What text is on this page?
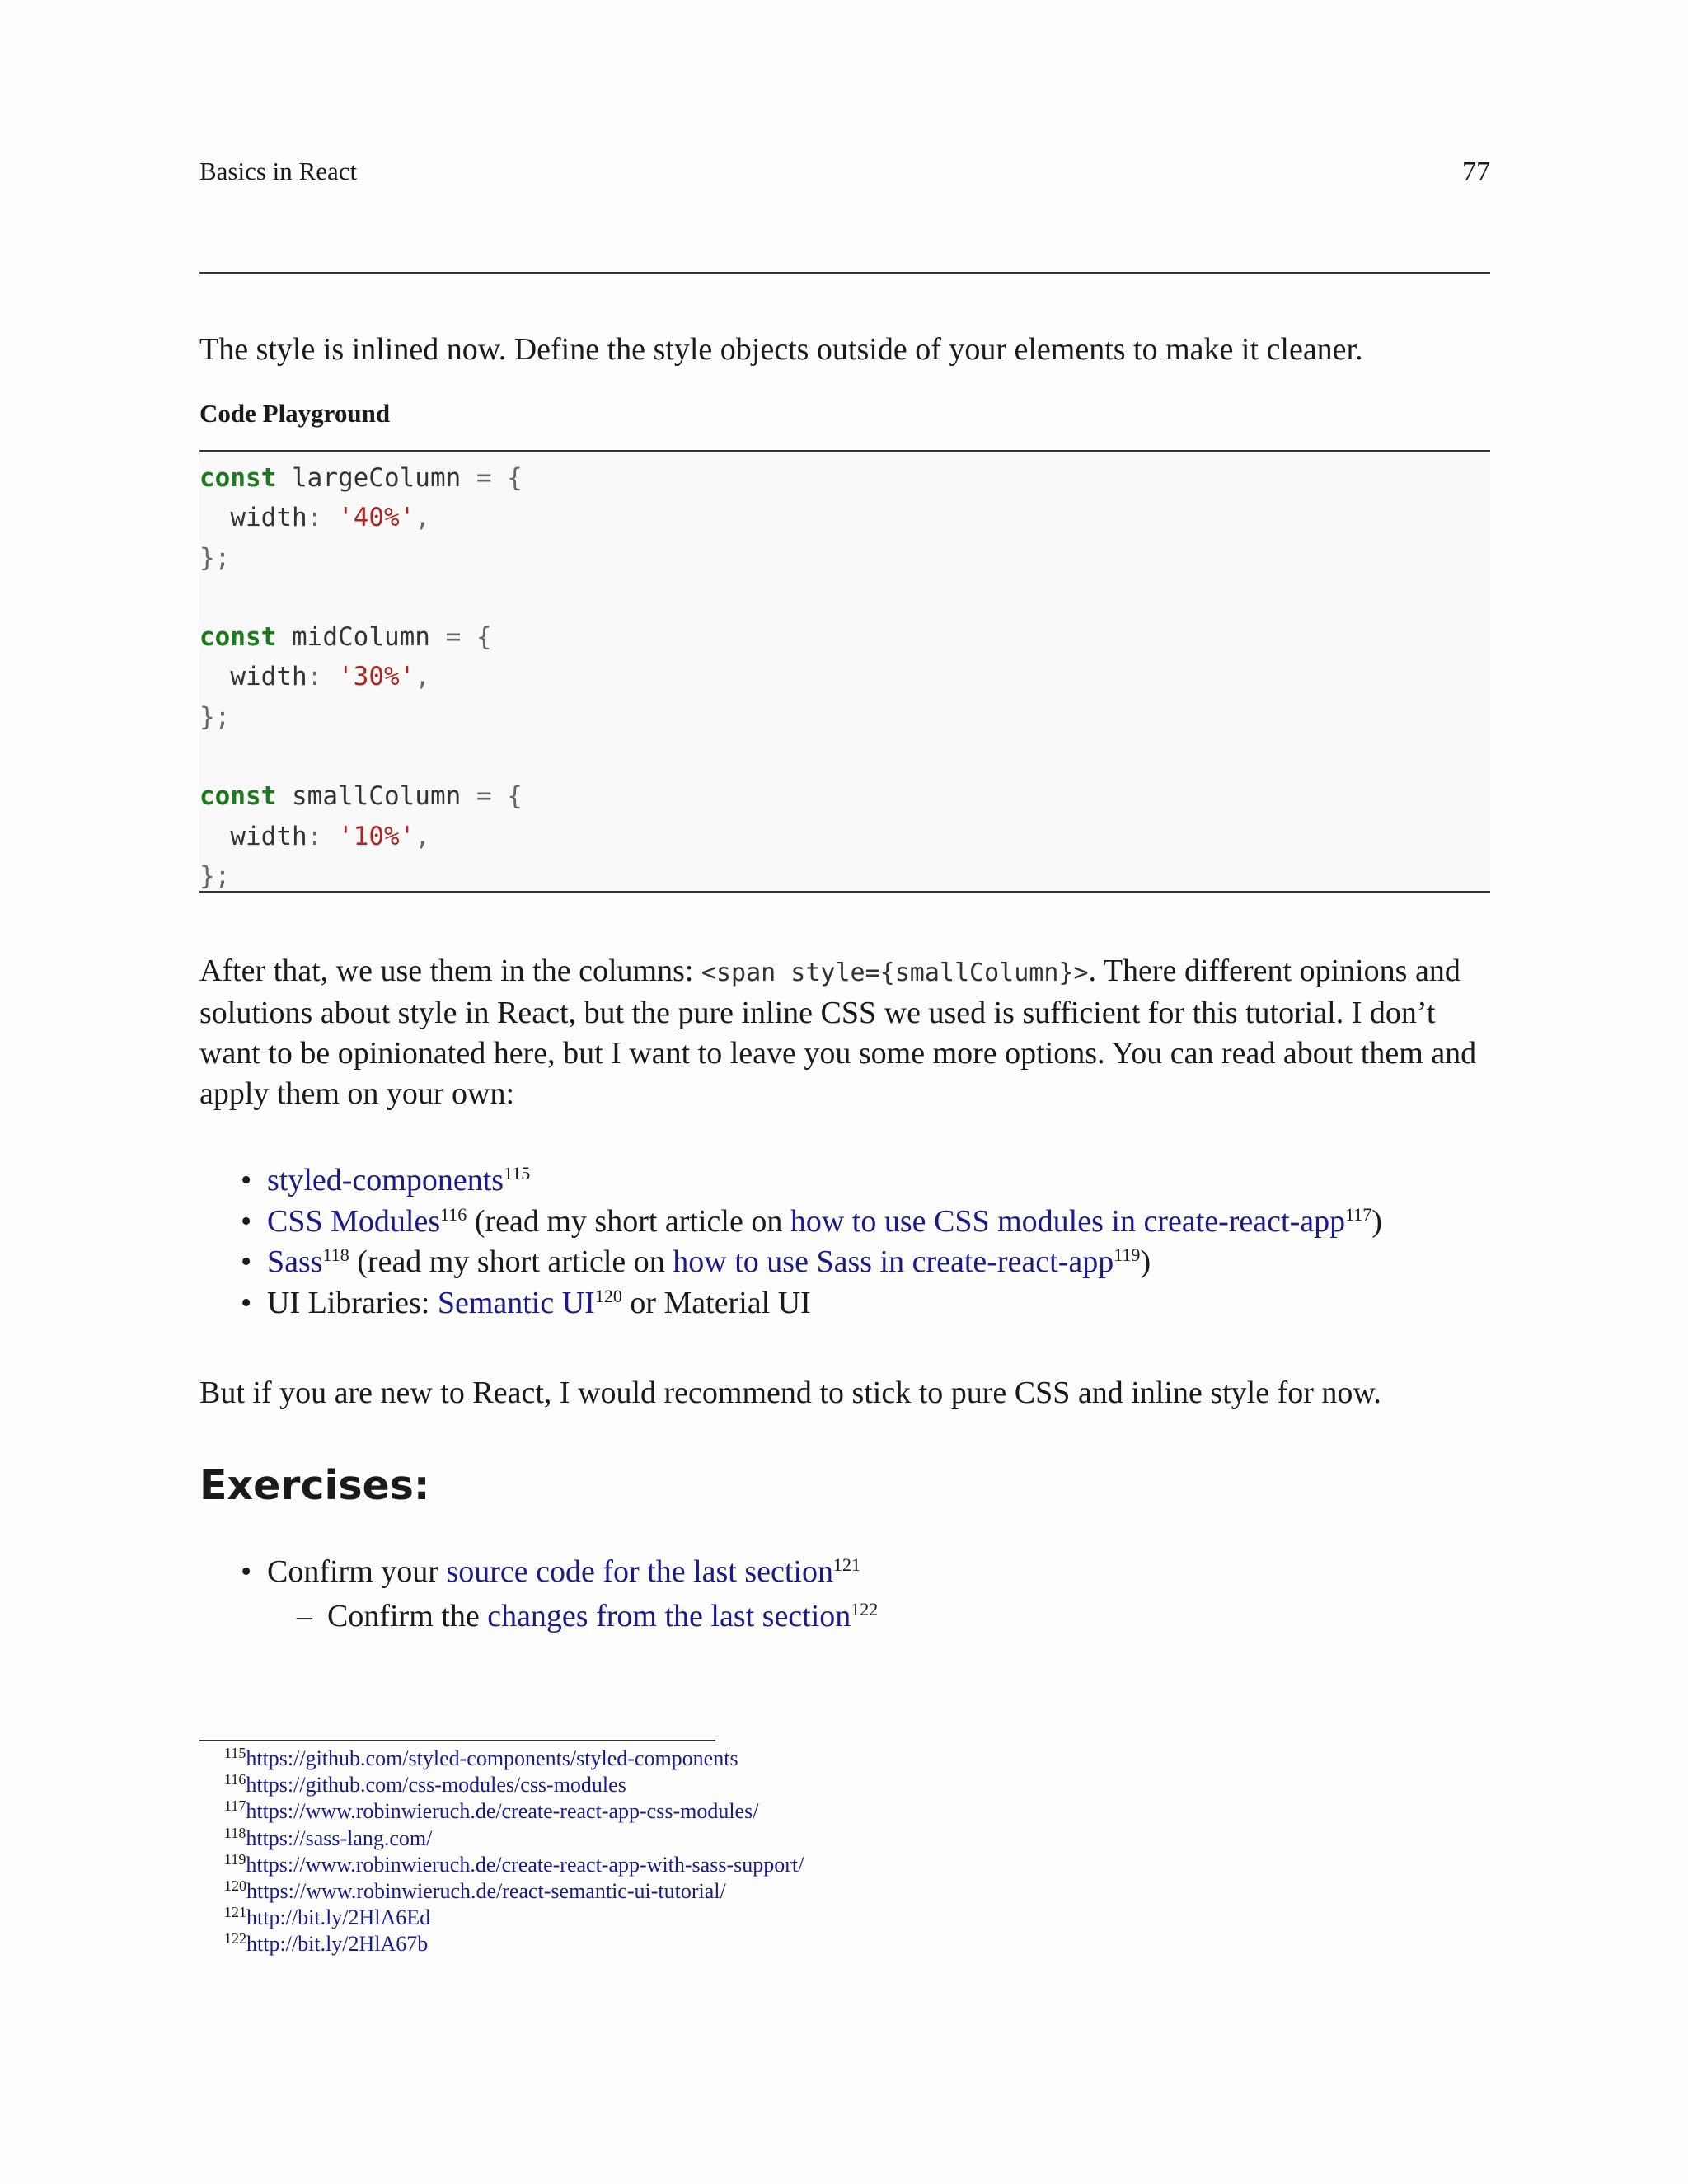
Basics in React	77

The style is inlined now. Define the style objects outside of your elements to make it cleaner.

Code Playground
const largeColumn = {
width: '40%',
};
const midColumn = {
width: '30%',
};
const smallColumn = {
width: '10%',
};

After that, we use them in the columns: <span style={smallColumn}>. There different opinions and solutions about style in React, but the pure inline CSS we used is sufficient for this tutorial. I don’t want to be opinionated here, but I want to leave you some more options. You can read about them and apply them on your own:

• styled-components$^{115}$
• CSS Modules$^{116}$ (read my short article on how to use CSS modules in create-react-app$^{117}$)
• Sass$^{118}$ (read my short article on how to use Sass in create-react-app$^{119}$)
• UI Libraries: Semantic UI$^{120}$ or Material UI

But if you are new to React, I would recommend to stick to pure CSS and inline style for now.

Exercises:
• Confirm your source code for the last section$^{121}$
– Confirm the changes from the last section$^{122}$
$^{115}$https://github.com/styled-components/styled-components
$^{116}$https://github.com/css-modules/css-modules
$^{117}$https://www.robinwieruch.de/create-react-app-css-modules/
$^{118}$https://sass-lang.com/
$^{119}$https://www.robinwieruch.de/create-react-app-with-sass-support/
$^{120}$https://www.robinwieruch.de/react-semantic-ui-tutorial/
$^{121}$http://bit.ly/2HlA6Ed
$^{122}$http://bit.ly/2HlA67b
